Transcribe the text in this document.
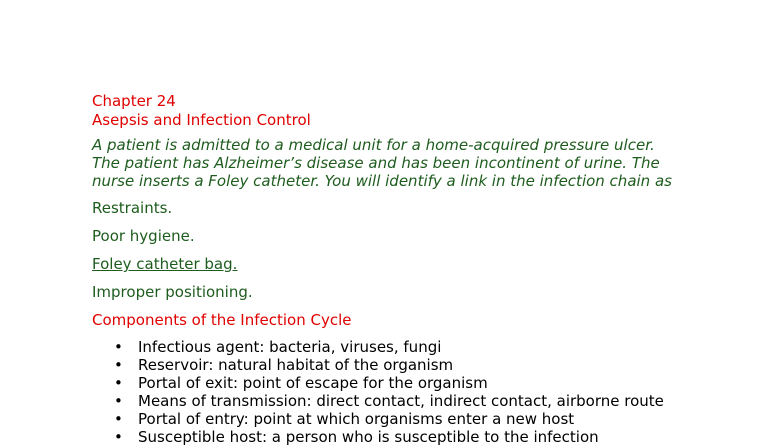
Chapter 24
Asepsis and Infection Control
A patient is admitted to a medical unit for a home-acquired pressure ulcer.
The patient has Alzheimer’s disease and has been incontinent of urine. The
nurse inserts a Foley catheter. You will identify a link in the infection chain as
Restraints.
Poor hygiene.
Foley catheter bag.
Improper positioning.
Components of the Infection Cycle
• Infectious agent: bacteria, viruses, fungi
• Reservoir: natural habitat of the organism
• Portal of exit: point of escape for the organism
• Means of transmission: direct contact, indirect contact, airborne route
• Portal of entry: point at which organisms enter a new host
• Susceptible host: a person who is susceptible to the infection
